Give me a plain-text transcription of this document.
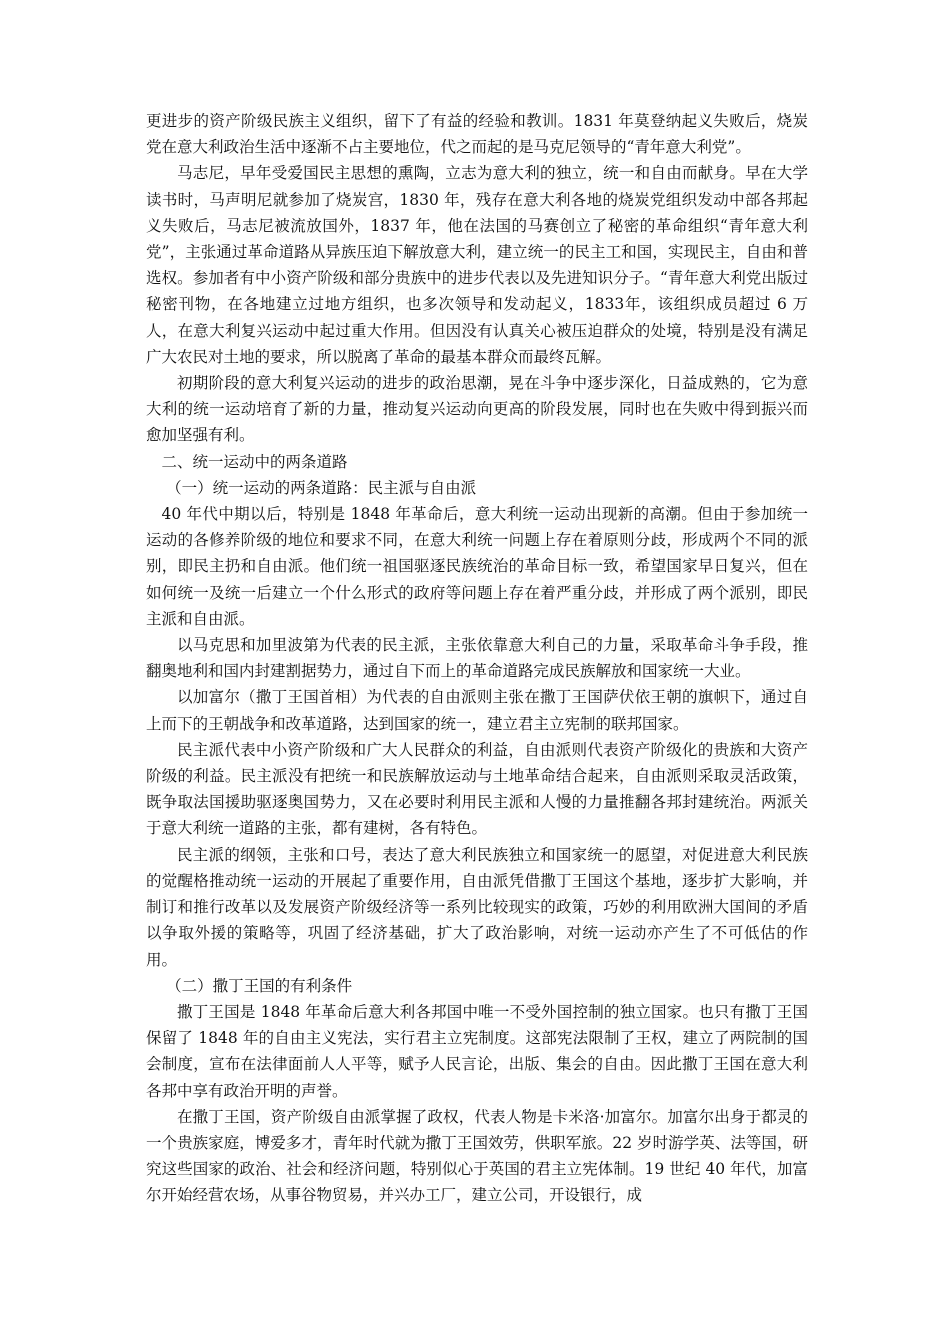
更进步的资产阶级民族主义组织，留下了有益的经验和教训。1831 年莫登纳起义失败后，烧炭党在意大利政治生活中逐渐不占主要地位，代之而起的是马克尼领导的“青年意大利党”。

马志尼，早年受爱国民主思想的熏陶，立志为意大利的独立，统一和自由而献身。早在大学读书时，马声明尼就参加了烧炭宫，1830 年，残存在意大利各地的烧炭党组织发动中部各邦起义失败后，马志尼被流放国外，1837 年，他在法国的马赛创立了秘密的革命组织“青年意大利党”，主张通过革命道路从异族压迫下解放意大利，建立统一的民主工和国，实现民主，自由和普选权。参加者有中小资产阶级和部分贵族中的进步代表以及先进知识分子。“青年意大利党出版过秘密刊物，在各地建立过地方组织，也多次领导和发动起义，1833年，该组织成员超过 6 万人，在意大利复兴运动中起过重大作用。但因没有认真关心被压迫群众的处境，特别是没有满足广大农民对土地的要求，所以脱离了革命的最基本群众而最终瓦解。

初期阶段的意大利复兴运动的进步的政治思潮，晃在斗争中逐步深化，日益成熟的，它为意大利的统一运动培育了新的力量，推动复兴运动向更高的阶段发展，同时也在失败中得到振兴而愈加坚强有利。

二、统一运动中的两条道路

（一）统一运动的两条道路：民主派与自由派

40 年代中期以后，特别是 1848 年革命后，意大利统一运动出现新的高潮。但由于参加统一运动的各修养阶级的地位和要求不同，在意大利统一问题上存在着原则分歧，形成两个不同的派别，即民主扔和自由派。他们统一祖国驱逐民族统治的革命目标一致，希望国家早日复兴，但在如何统一及统一后建立一个什么形式的政府等问题上存在着严重分歧，并形成了两个派别，即民主派和自由派。

以马克思和加里波第为代表的民主派，主张依靠意大利自己的力量，采取革命斗争手段，推翻奥地利和国内封建割据势力，通过自下而上的革命道路完成民族解放和国家统一大业。

以加富尔（撒丁王国首相）为代表的自由派则主张在撒丁王国萨伏依王朝的旗帜下，通过自上而下的王朝战争和改革道路，达到国家的统一，建立君主立宪制的联邦国家。

民主派代表中小资产阶级和广大人民群众的利益，自由派则代表资产阶级化的贵族和大资产阶级的利益。民主派没有把统一和民族解放运动与土地革命结合起来，自由派则采取灵活政策，既争取法国援助驱逐奥国势力，又在必要时利用民主派和人慢的力量推翻各邦封建统治。两派关于意大利统一道路的主张，都有建树，各有特色。

民主派的纲领，主张和口号，表达了意大利民族独立和国家统一的愿望，对促进意大利民族的觉醒格推动统一运动的开展起了重要作用，自由派凭借撒丁王国这个基地，逐步扩大影响，并制订和推行改革以及发展资产阶级经济等一系列比较现实的政策，巧妙的利用欧洲大国间的矛盾以争取外援的策略等，巩固了经济基础，扩大了政治影响，对统一运动亦产生了不可低估的作用。

（二）撒丁王国的有利条件

撒丁王国是 1848 年革命后意大利各邦国中唯一不受外国控制的独立国家。也只有撒丁王国保留了 1848 年的自由主义宪法，实行君主立宪制度。这部宪法限制了王权，建立了两院制的国会制度，宣布在法律面前人人平等，赋予人民言论，出版、集会的自由。因此撒丁王国在意大利各邦中享有政治开明的声誉。

在撒丁王国，资产阶级自由派掌握了政权，代表人物是卡米洛·加富尔。加富尔出身于都灵的一个贵族家庭，博爱多才，青年时代就为撒丁王国效劳，供职军旅。22 岁时游学英、法等国，研究这些国家的政治、社会和经济问题，特别似心于英国的君主立宪体制。19 世纪 40 年代，加富尔开始经营农场，从事谷物贸易，并兴办工厂，建立公司，开设银行，成
